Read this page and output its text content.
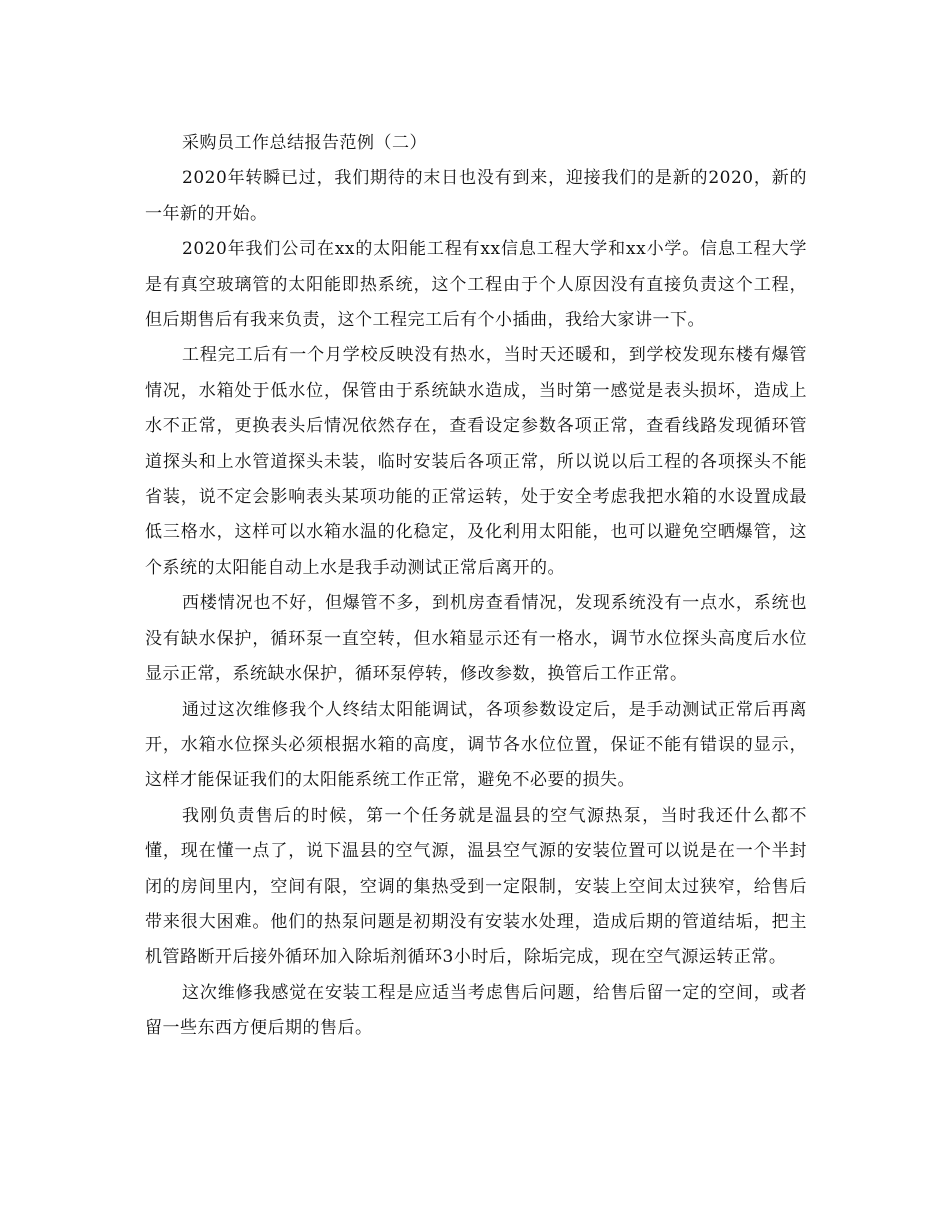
采购员工作总结报告范例（二）

2020年转瞬已过，我们期待的末日也没有到来，迎接我们的是新的2020，新的一年新的开始。

2020年我们公司在xx的太阳能工程有xx信息工程大学和xx小学。信息工程大学是有真空玻璃管的太阳能即热系统，这个工程由于个人原因没有直接负责这个工程，但后期售后有我来负责，这个工程完工后有个小插曲，我给大家讲一下。

工程完工后有一个月学校反映没有热水，当时天还暖和，到学校发现东楼有爆管情况，水箱处于低水位，保管由于系统缺水造成，当时第一感觉是表头损坏，造成上水不正常，更换表头后情况依然存在，查看设定参数各项正常，查看线路发现循环管道探头和上水管道探头未装，临时安装后各项正常，所以说以后工程的各项探头不能省装，说不定会影响表头某项功能的正常运转，处于安全考虑我把水箱的水设置成最低三格水，这样可以水箱水温的化稳定，及化利用太阳能，也可以避免空晒爆管，这个系统的太阳能自动上水是我手动测试正常后离开的。

西楼情况也不好，但爆管不多，到机房查看情况，发现系统没有一点水，系统也没有缺水保护，循环泵一直空转，但水箱显示还有一格水，调节水位探头高度后水位显示正常，系统缺水保护，循环泵停转，修改参数，换管后工作正常。

通过这次维修我个人终结太阳能调试，各项参数设定后，是手动测试正常后再离开，水箱水位探头必须根据水箱的高度，调节各水位位置，保证不能有错误的显示，这样才能保证我们的太阳能系统工作正常，避免不必要的损失。

我刚负责售后的时候，第一个任务就是温县的空气源热泵，当时我还什么都不懂，现在懂一点了，说下温县的空气源，温县空气源的安装位置可以说是在一个半封闭的房间里内，空间有限，空调的集热受到一定限制，安装上空间太过狭窄，给售后带来很大困难。他们的热泵问题是初期没有安装水处理，造成后期的管道结垢，把主机管路断开后接外循环加入除垢剂循环3小时后，除垢完成，现在空气源运转正常。

这次维修我感觉在安装工程是应适当考虑售后问题，给售后留一定的空间，或者留一些东西方便后期的售后。
